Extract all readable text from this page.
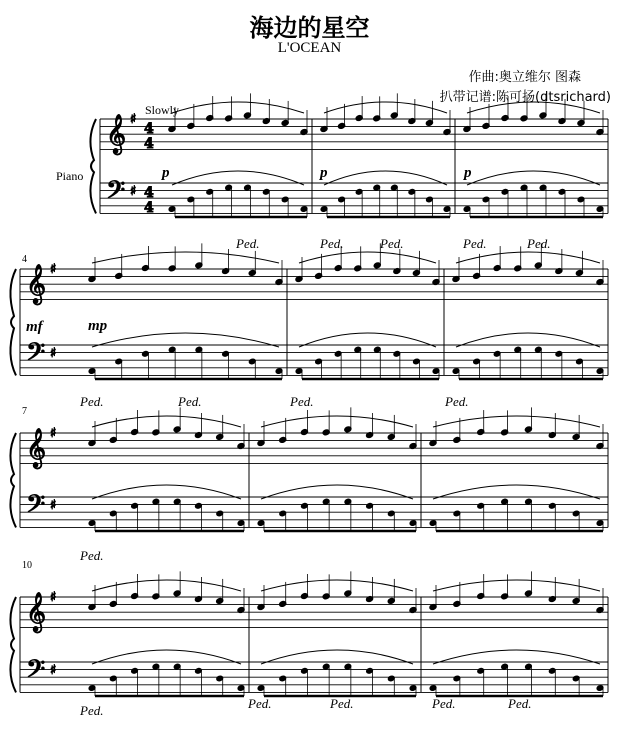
海边的星空
L'OCEAN
作曲:奥立维尔 图森
扒带记谱:陈可扬(dtsrichard)
Slowly
Piano
𝄞
𝄢
♯
♯
4
4
4
4
𝄞
𝄢
♯
♯
𝄞
𝄢
♯
♯
𝄞
𝄢
♯
♯
p	p	p
mp
mf
Ped.	Ped.	Ped.	Ped.	Ped.
Ped.	Ped.	Ped.	Ped.
Ped.
Ped.	Ped.	Ped.	Ped.	Ped.
4
7
10
